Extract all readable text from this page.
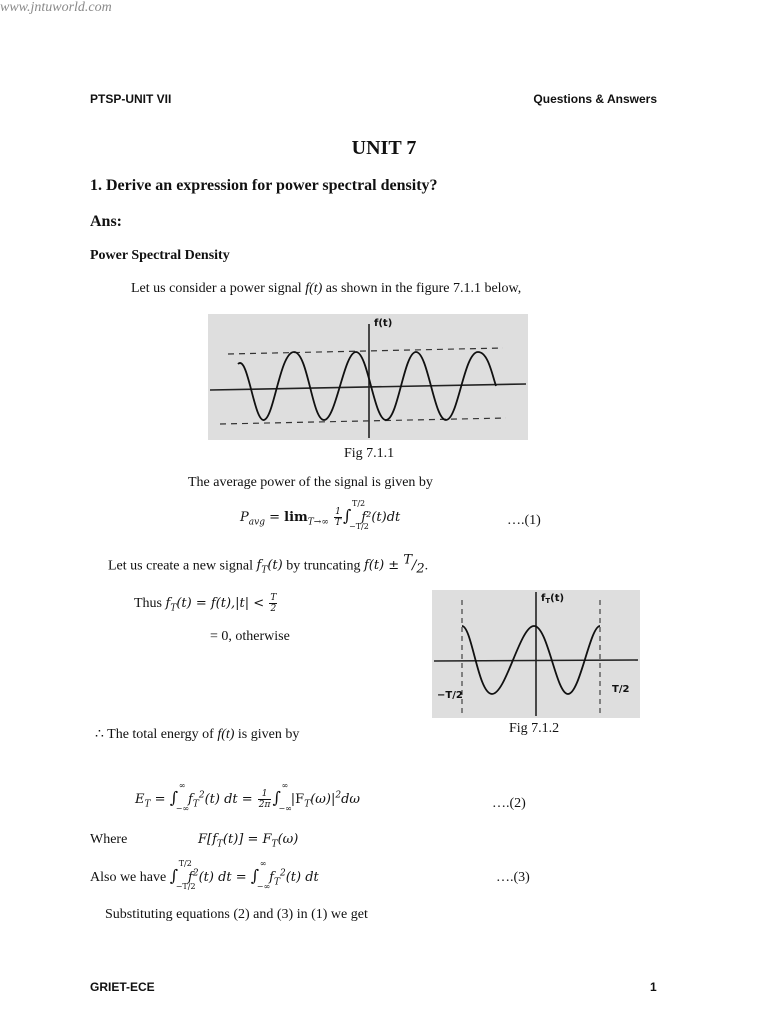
www.jntuworld.com
PTSP-UNIT VII	Questions & Answers
UNIT 7
1. Derive an expression for power spectral density?
Ans:
Power Spectral Density
Let us consider a power signal f(t) as shown in the figure 7.1.1 below,
f(t)
Fig 7.1.1
The average power of the signal is given by
$P_{avg} = \lim_{T\to\infty} \frac{1}{T}$ ∫
T/2
−T/2
f²(t)dt	….(1)
Let us create a new signal $f_T(t)$ by truncating $f(t) \pm ^T/_2$.
Thus $f_T(t) = f(t),|t| < \frac{T}{2}$
= 0, otherwise
$f_T(t)$
−T/2
T/2
Fig 7.1.2
∴ The total energy of f(t) is given by
$E_T$ = ∫
∞
−∞
$f_T^2(t)$ dt = $\frac{1}{2\pi}$ ∫
∞
−∞
$|F_T(\omega)|^2d\omega$	….(2)
Where	$F[f_T(t)] = F_T(\omega)$
Also we have ∫
T/2
−T/2
$f^2(t)$ dt = ∫
∞
−∞
$f_T^2(t)$ dt	….(3)
Substituting equations (2) and (3) in (1) we get
GRIET-ECE	1
